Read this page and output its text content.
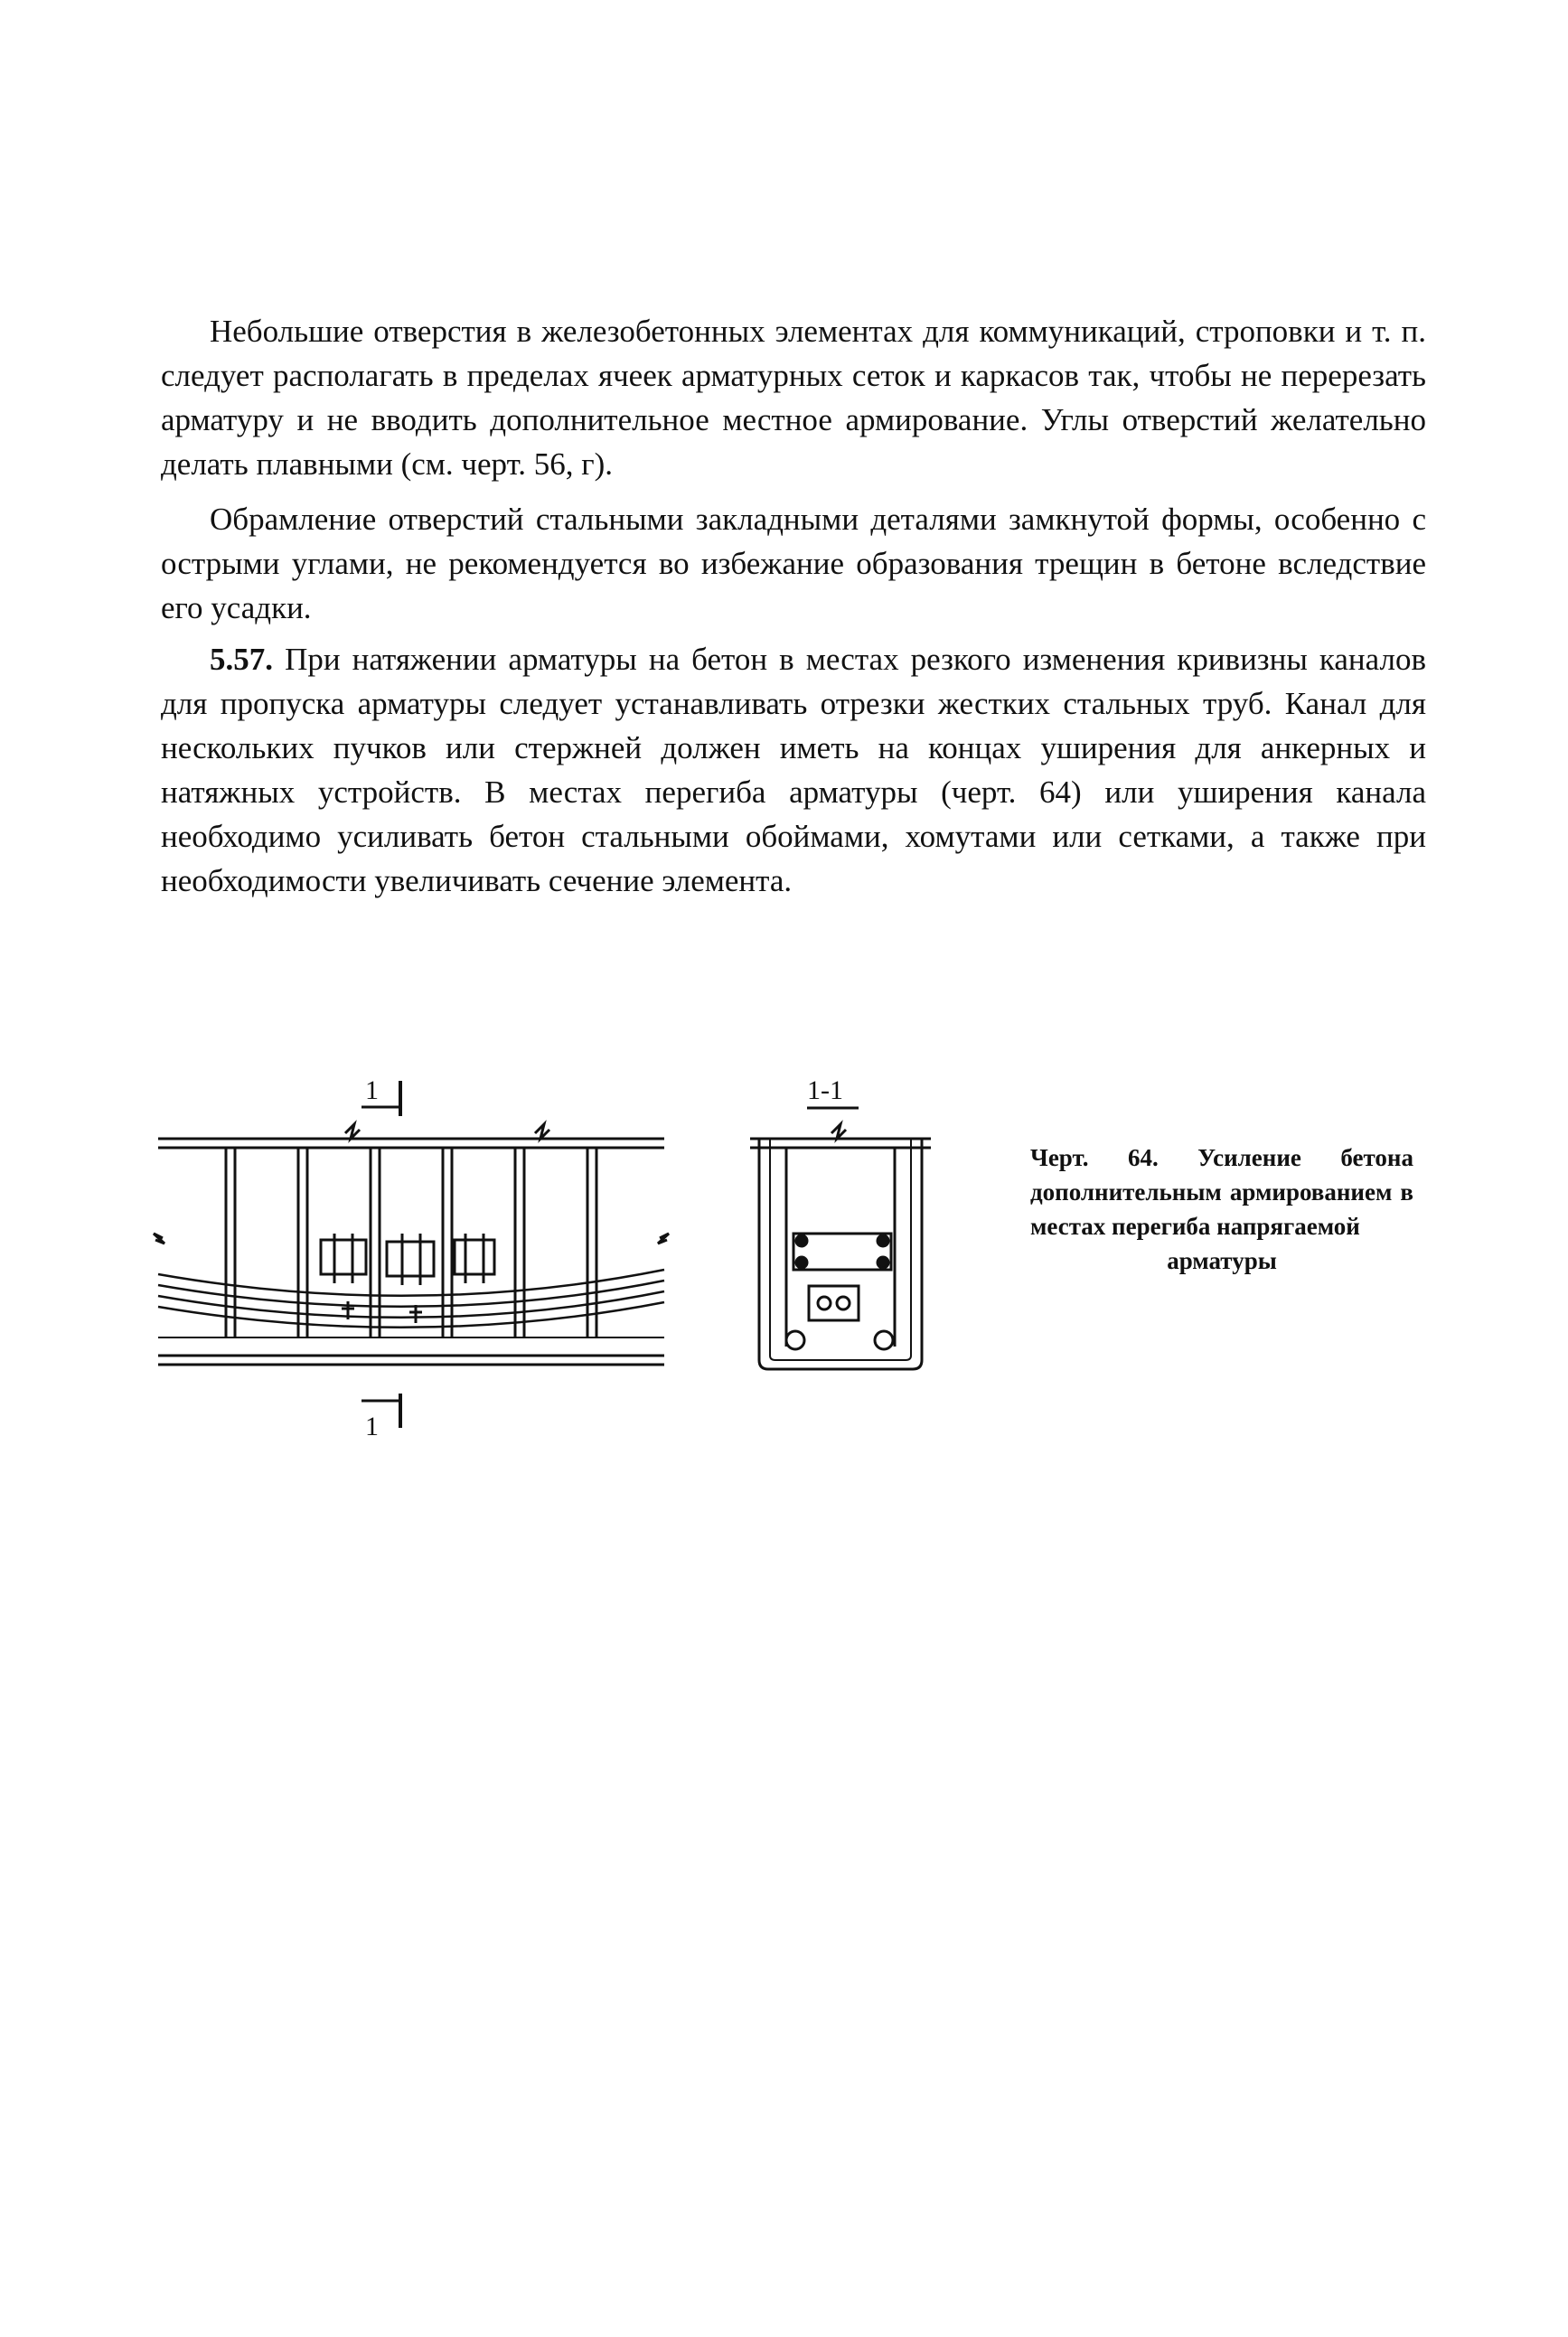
Небольшие отверстия в железобетонных элементах для коммуникаций, строповки и т. п. следует располагать в пределах ячеек арматурных сеток и каркасов так, чтобы не перерезать арматуру и не вводить дополнительное местное армирование. Углы отверстий желательно делать плавными (см. черт. 56, г).

Обрамление отверстий стальными закладными деталями замкнутой формы, особенно с острыми углами, не рекомендуется во избежание образования трещин в бетоне вследствие его усадки.

5.57. При натяжении арматуры на бетон в местах резкого изменения кривизны каналов для пропуска арматуры следует устанавливать отрезки жестких стальных труб. Канал для нескольких пучков или стержней должен иметь на концах уширения для анкерных и натяжных устройств. В местах перегиба арматуры (черт. 64) или уширения канала необходимо усиливать бетон стальными обоймами, хомутами или сетками, а также при необходимости увеличивать сечение элемента.

1
1
1-1
Черт. 64. Усиление бетона дополнительным армированием в местах перегиба напрягаемой
арматуры
